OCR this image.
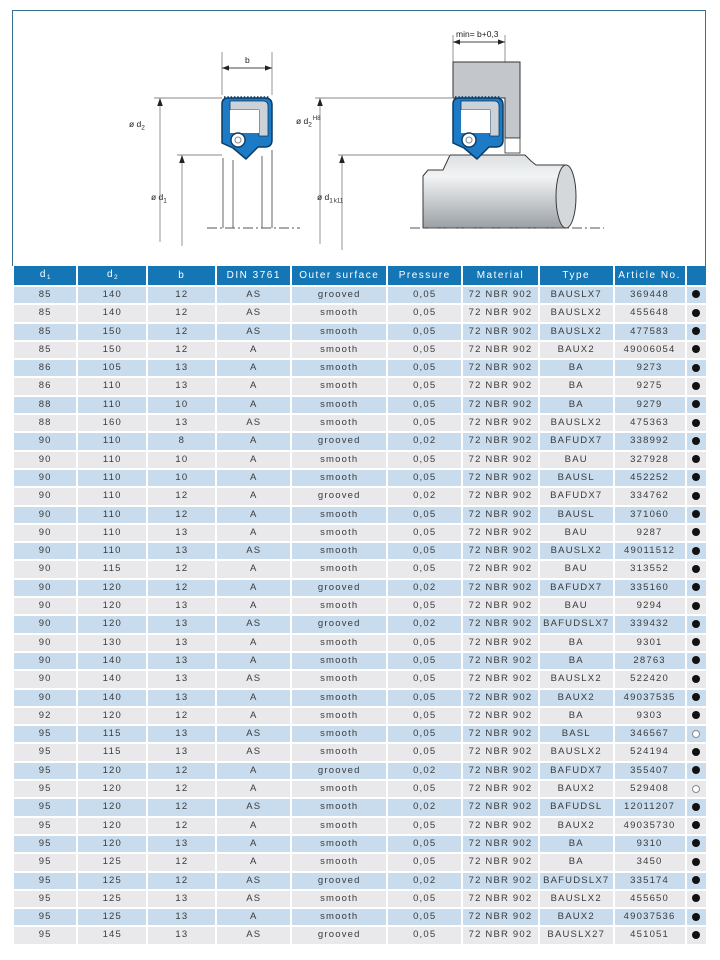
b
ø $d_2$
ø $d_1$
min= b+0,3
ø $d_2^{H8}$
ø $d_1k11$
$d_1$	$d_2$	b	DIN 3761	Outer surface	Pressure	Material	Type	Article No.	
85	140	12	AS	grooved	0,05	72 NBR 902	BAUSLX7	369448	
85	140	12	AS	smooth	0,05	72 NBR 902	BAUSLX2	455648	
85	150	12	AS	smooth	0,05	72 NBR 902	BAUSLX2	477583	
85	150	12	A	smooth	0,05	72 NBR 902	BAUX2	49006054	
86	105	13	A	smooth	0,05	72 NBR 902	BA	9273	
86	110	13	A	smooth	0,05	72 NBR 902	BA	9275	
88	110	10	A	smooth	0,05	72 NBR 902	BA	9279	
88	160	13	AS	smooth	0,05	72 NBR 902	BAUSLX2	475363	
90	110	8	A	grooved	0,02	72 NBR 902	BAFUDX7	338992	
90	110	10	A	smooth	0,05	72 NBR 902	BAU	327928	
90	110	10	A	smooth	0,05	72 NBR 902	BAUSL	452252	
90	110	12	A	grooved	0,02	72 NBR 902	BAFUDX7	334762	
90	110	12	A	smooth	0,05	72 NBR 902	BAUSL	371060	
90	110	13	A	smooth	0,05	72 NBR 902	BAU	9287	
90	110	13	AS	smooth	0,05	72 NBR 902	BAUSLX2	49011512	
90	115	12	A	smooth	0,05	72 NBR 902	BAU	313552	
90	120	12	A	grooved	0,02	72 NBR 902	BAFUDX7	335160	
90	120	13	A	smooth	0,05	72 NBR 902	BAU	9294	
90	120	13	AS	grooved	0,02	72 NBR 902	BAFUDSLX7	339432	
90	130	13	A	smooth	0,05	72 NBR 902	BA	9301	
90	140	13	A	smooth	0,05	72 NBR 902	BA	28763	
90	140	13	AS	smooth	0,05	72 NBR 902	BAUSLX2	522420	
90	140	13	A	smooth	0,05	72 NBR 902	BAUX2	49037535	
92	120	12	A	smooth	0,05	72 NBR 902	BA	9303	
95	115	13	AS	smooth	0,05	72 NBR 902	BASL	346567	
95	115	13	AS	smooth	0,05	72 NBR 902	BAUSLX2	524194	
95	120	12	A	grooved	0,02	72 NBR 902	BAFUDX7	355407	
95	120	12	A	smooth	0,05	72 NBR 902	BAUX2	529408	
95	120	12	AS	smooth	0,02	72 NBR 902	BAFUDSL	12011207	
95	120	12	A	smooth	0,05	72 NBR 902	BAUX2	49035730	
95	120	13	A	smooth	0,05	72 NBR 902	BA	9310	
95	125	12	A	smooth	0,05	72 NBR 902	BA	3450	
95	125	12	AS	grooved	0,02	72 NBR 902	BAFUDSLX7	335174	
95	125	13	AS	smooth	0,05	72 NBR 902	BAUSLX2	455650	
95	125	13	A	smooth	0,05	72 NBR 902	BAUX2	49037536	
95	145	13	AS	grooved	0,05	72 NBR 902	BAUSLX27	451051	
